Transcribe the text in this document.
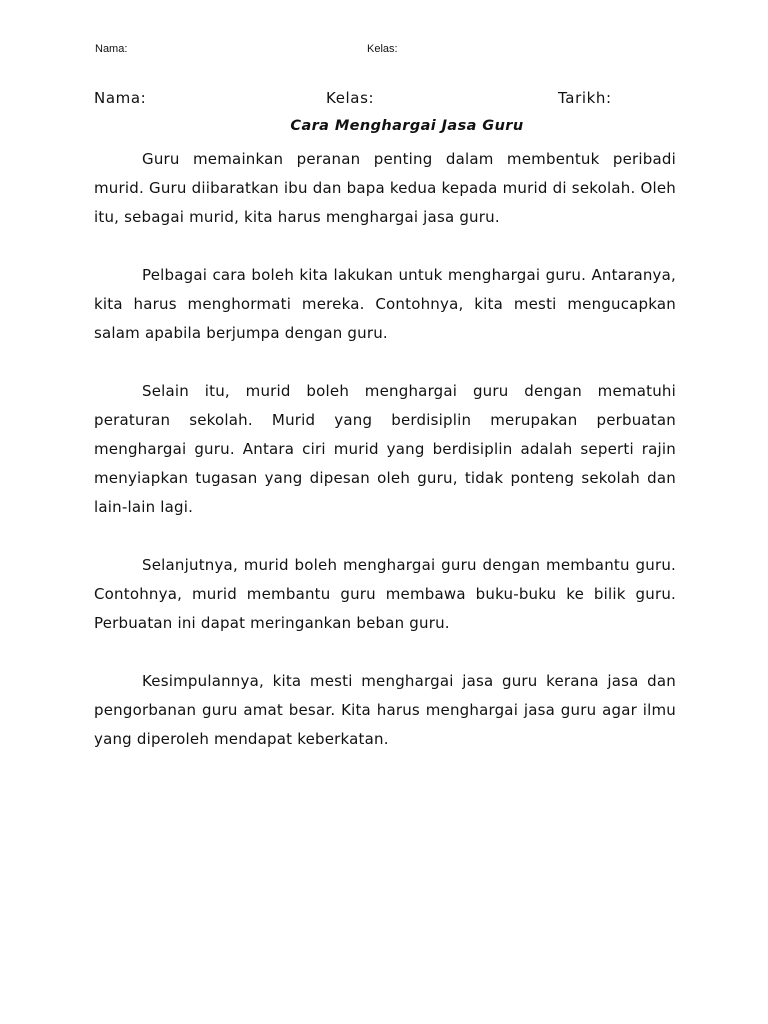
Nama:	Kelas:
Nama:	Kelas:	Tarikh:
Cara Menghargai Jasa Guru

Guru memainkan peranan penting dalam membentuk peribadi murid. Guru diibaratkan ibu dan bapa kedua kepada murid di sekolah. Oleh itu, sebagai murid, kita harus menghargai jasa guru.

Pelbagai cara boleh kita lakukan untuk menghargai guru. Antaranya, kita harus menghormati mereka. Contohnya, kita mesti mengucapkan salam apabila berjumpa dengan guru.

Selain itu, murid boleh menghargai guru dengan mematuhi peraturan sekolah. Murid yang berdisiplin merupakan perbuatan menghargai guru. Antara ciri murid yang berdisiplin adalah seperti rajin menyiapkan tugasan yang dipesan oleh guru, tidak ponteng sekolah dan lain-lain lagi.

Selanjutnya, murid boleh menghargai guru dengan membantu guru. Contohnya, murid membantu guru membawa buku-buku ke bilik guru. Perbuatan ini dapat meringankan beban guru.

Kesimpulannya, kita mesti menghargai jasa guru kerana jasa dan pengorbanan guru amat besar. Kita harus menghargai jasa guru agar ilmu yang diperoleh mendapat keberkatan.
